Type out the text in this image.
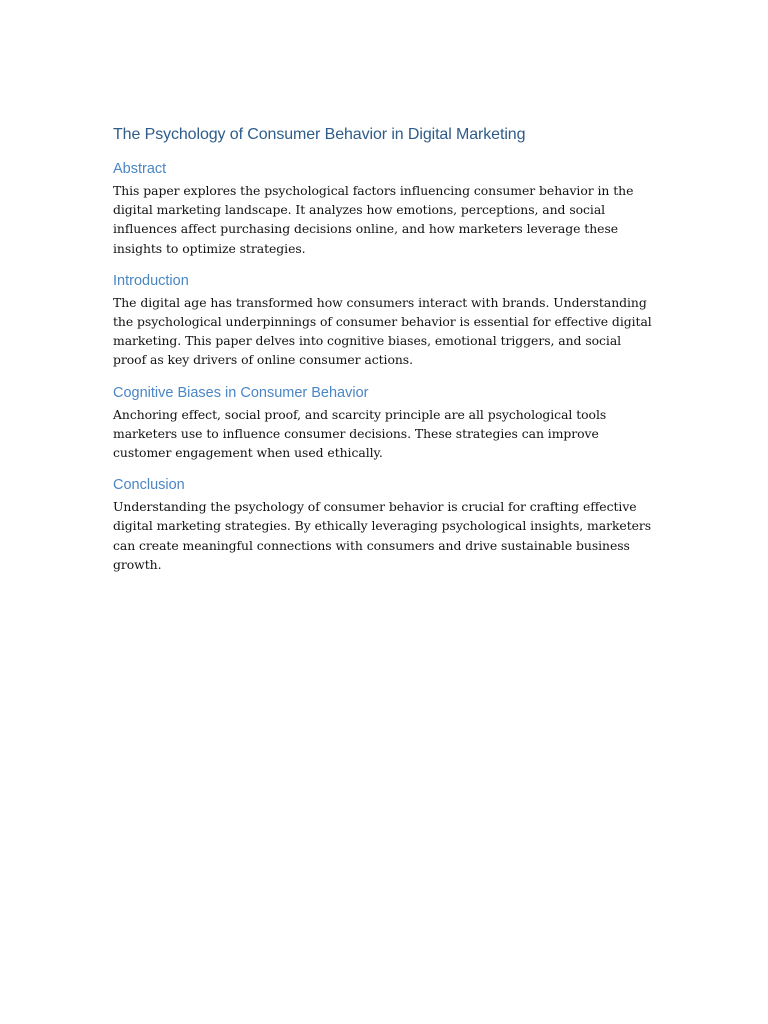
The Psychology of Consumer Behavior in Digital Marketing
Abstract

This paper explores the psychological factors influencing consumer behavior in the digital marketing landscape. It analyzes how emotions, perceptions, and social influences affect purchasing decisions online, and how marketers leverage these insights to optimize strategies.

Introduction

The digital age has transformed how consumers interact with brands. Understanding the psychological underpinnings of consumer behavior is essential for effective digital marketing. This paper delves into cognitive biases, emotional triggers, and social proof as key drivers of online consumer actions.

Cognitive Biases in Consumer Behavior

Anchoring effect, social proof, and scarcity principle are all psychological tools marketers use to influence consumer decisions. These strategies can improve customer engagement when used ethically.

Conclusion

Understanding the psychology of consumer behavior is crucial for crafting effective digital marketing strategies. By ethically leveraging psychological insights, marketers can create meaningful connections with consumers and drive sustainable business growth.
